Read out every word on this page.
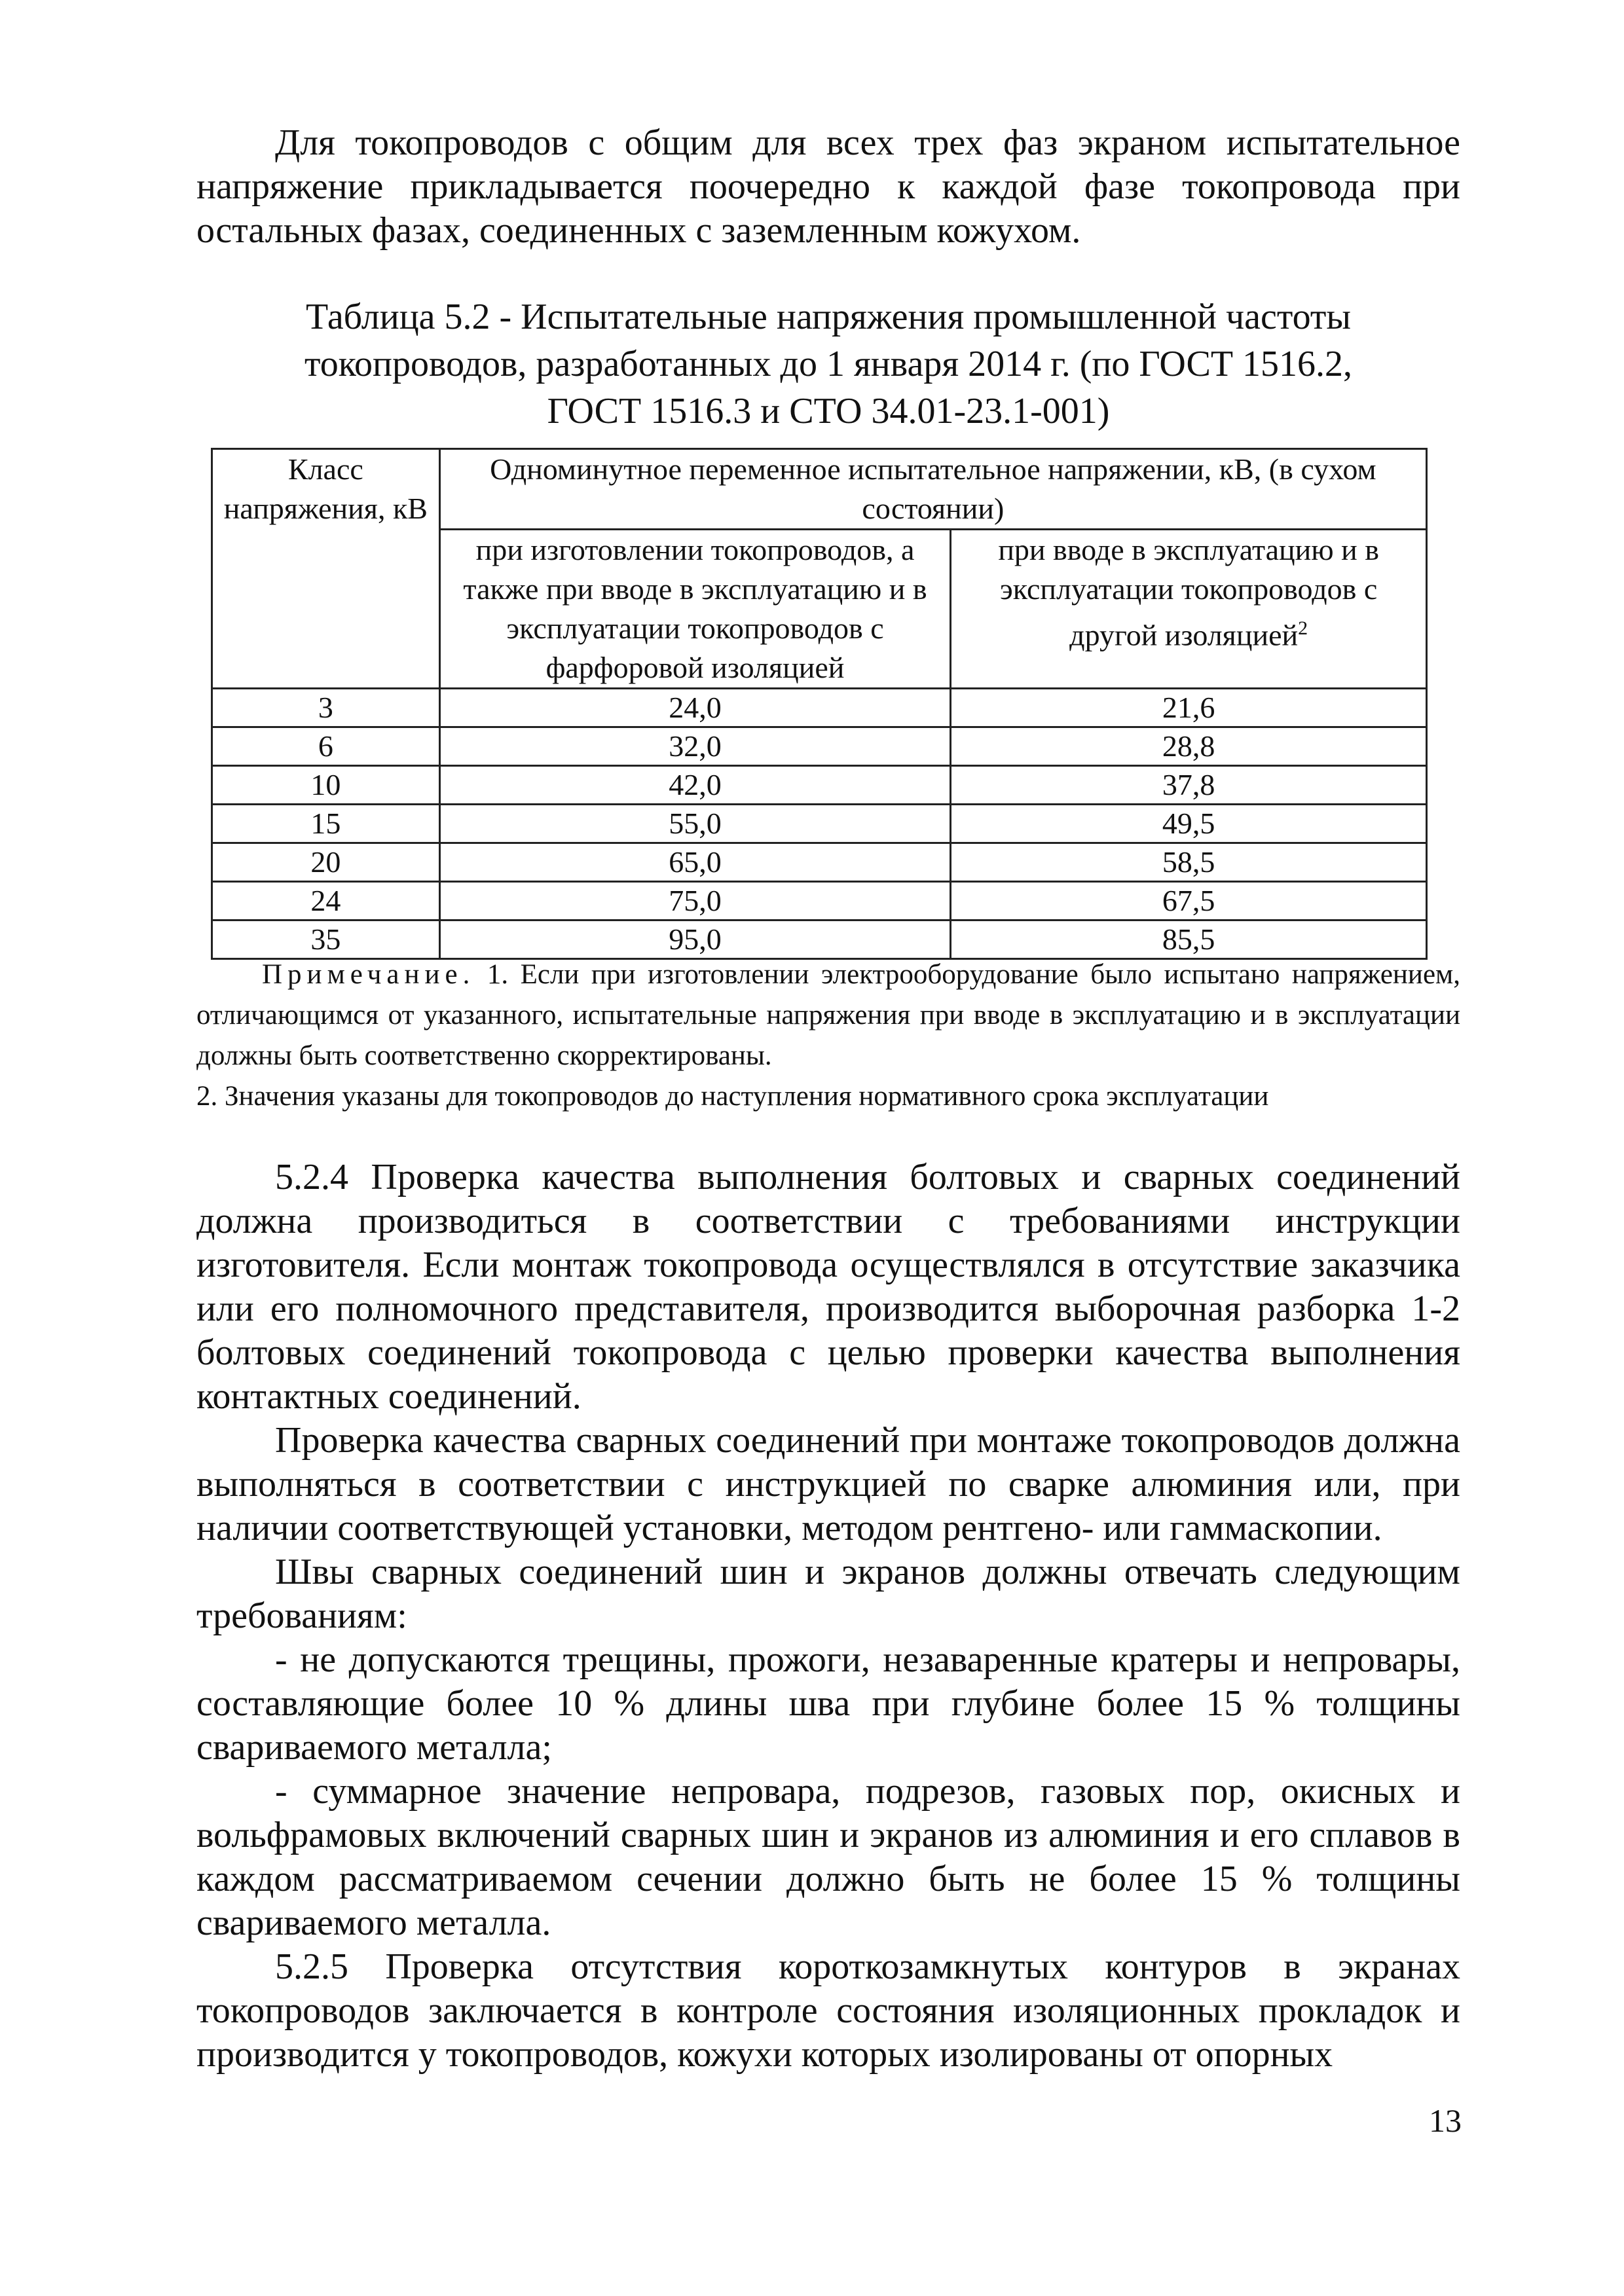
Для токопроводов с общим для всех трех фаз экраном испытательное напряжение прикладывается поочередно к каждой фазе токопровода при остальных фазах, соединенных с заземленным кожухом.

Таблица 5.2 - Испытательные напряжения промышленной частоты
токопроводов, разработанных до 1 января 2014 г. (по ГОСТ 1516.2,
ГОСТ 1516.3 и СТО 34.01-23.1-001)
Класс напряжения, кВ	Одноминутное переменное испытательное напряжении, кВ, (в сухом состоянии)	
	при изготовлении токопроводов, а также при вводе в эксплуатацию и в эксплуатации токопроводов с фарфоровой изоляцией	при вводе в эксплуатацию и в эксплуатации токопроводов с другой изоляцией$^2$
3	24,0	21,6
6	32,0	28,8
10	42,0	37,8
15	55,0	49,5
20	65,0	58,5
24	75,0	67,5
35	95,0	85,5
Примечание. 1. Если при изготовлении электрооборудование было испытано напряжением, отличающимся от указанного, испытательные напряжения при вводе в эксплуатацию и в эксплуатации должны быть соответственно скорректированы.
2. Значения указаны для токопроводов до наступления нормативного срока эксплуатации

5.2.4 Проверка качества выполнения болтовых и сварных соединений должна производиться в соответствии с требованиями инструкции изготовителя. Если монтаж токопровода осуществлялся в отсутствие заказчика или его полномочного представителя, производится выборочная разборка 1-2 болтовых соединений токопровода с целью проверки качества выполнения контактных соединений.

Проверка качества сварных соединений при монтаже токопроводов должна выполняться в соответствии с инструкцией по сварке алюминия или, при наличии соответствующей установки, методом рентгено- или гаммаскопии.

Швы сварных соединений шин и экранов должны отвечать следующим требованиям:

- не допускаются трещины, прожоги, незаваренные кратеры и непровары, составляющие более 10 % длины шва при глубине более 15 % толщины свариваемого металла;

- суммарное значение непровара, подрезов, газовых пор, окисных и вольфрамовых включений сварных шин и экранов из алюминия и его сплавов в каждом рассматриваемом сечении должно быть не более 15 % толщины свариваемого металла.

5.2.5 Проверка отсутствия короткозамкнутых контуров в экранах токопроводов заключается в контроле состояния изоляционных прокладок и производится у токопроводов, кожухи которых изолированы от опорных

13
